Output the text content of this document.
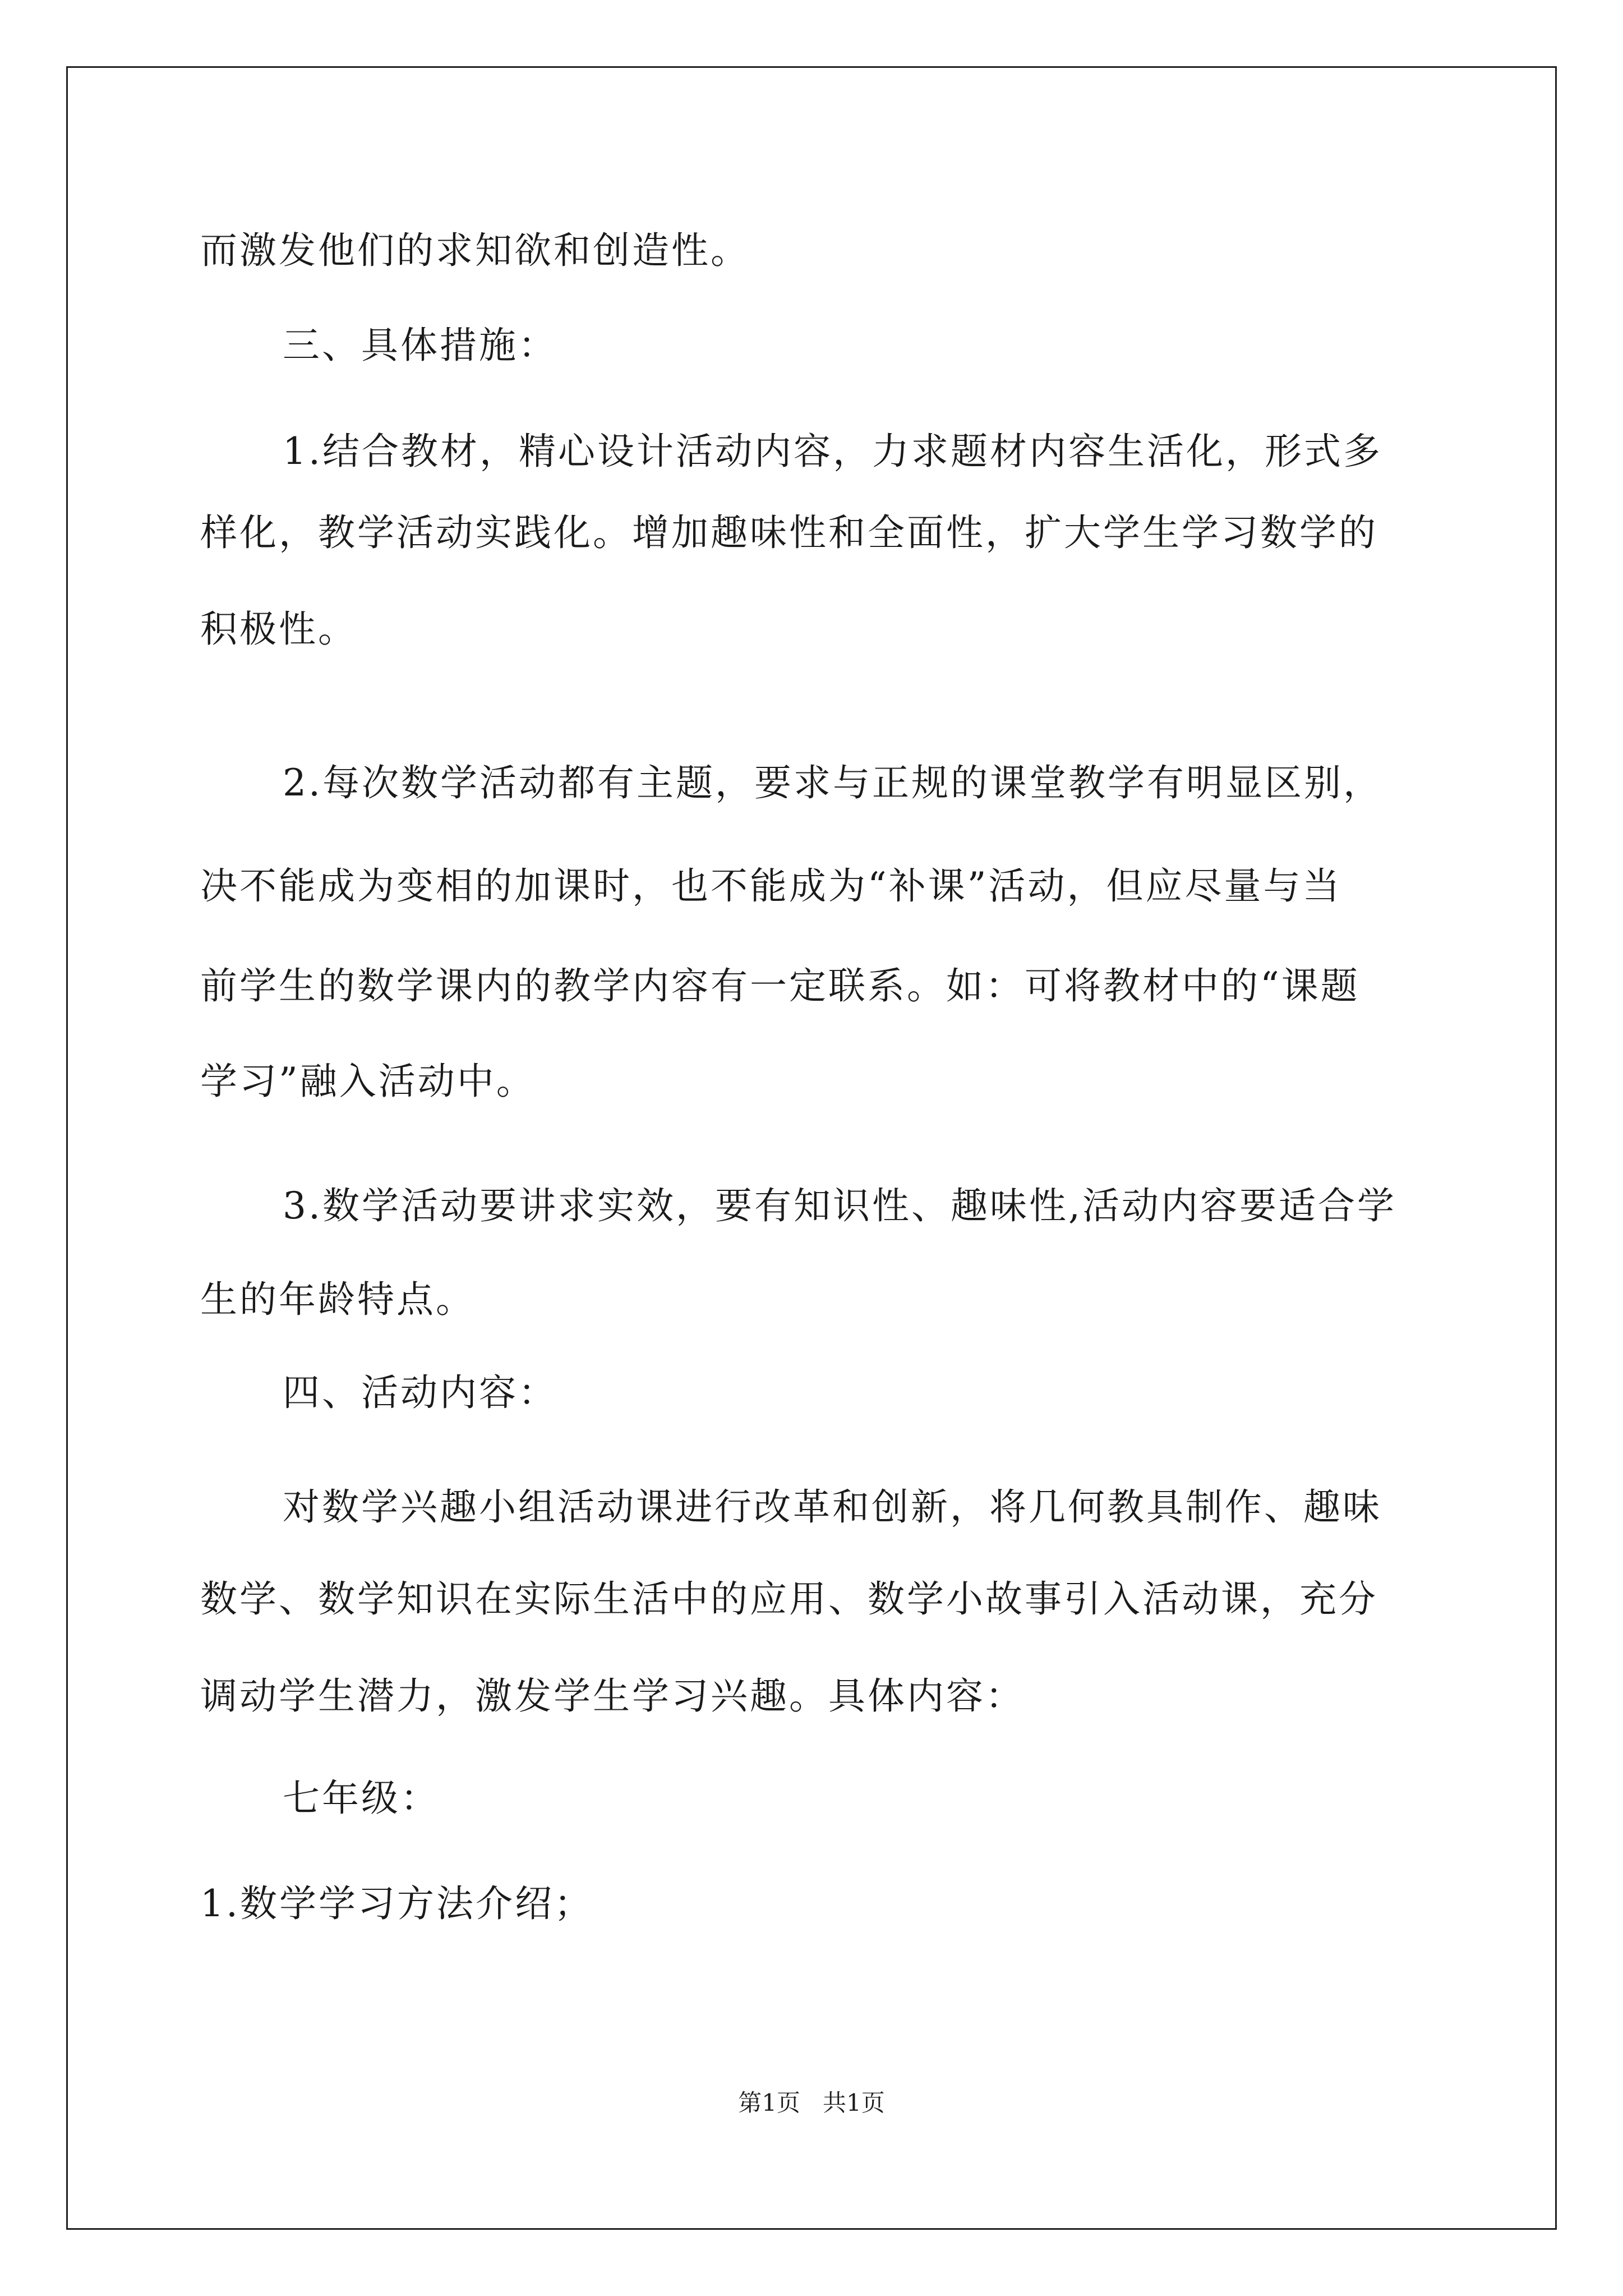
而激发他们的求知欲和创造性。
三、具体措施：
1.结合教材，精心设计活动内容，力求题材内容生活化，形式多
样化，教学活动实践化。增加趣味性和全面性，扩大学生学习数学的
积极性。
2.每次数学活动都有主题，要求与正规的课堂教学有明显区别，
决不能成为变相的加课时，也不能成为“补课”活动，但应尽量与当
前学生的数学课内的教学内容有一定联系。如：可将教材中的“课题
学习”融入活动中。
3.数学活动要讲求实效，要有知识性、趣味性,活动内容要适合学
生的年龄特点。
四、活动内容：
对数学兴趣小组活动课进行改革和创新，将几何教具制作、趣味
数学、数学知识在实际生活中的应用、数学小故事引入活动课，充分
调动学生潜力，激发学生学习兴趣。具体内容：
七年级：
1.数学学习方法介绍；
第1页   共1页
